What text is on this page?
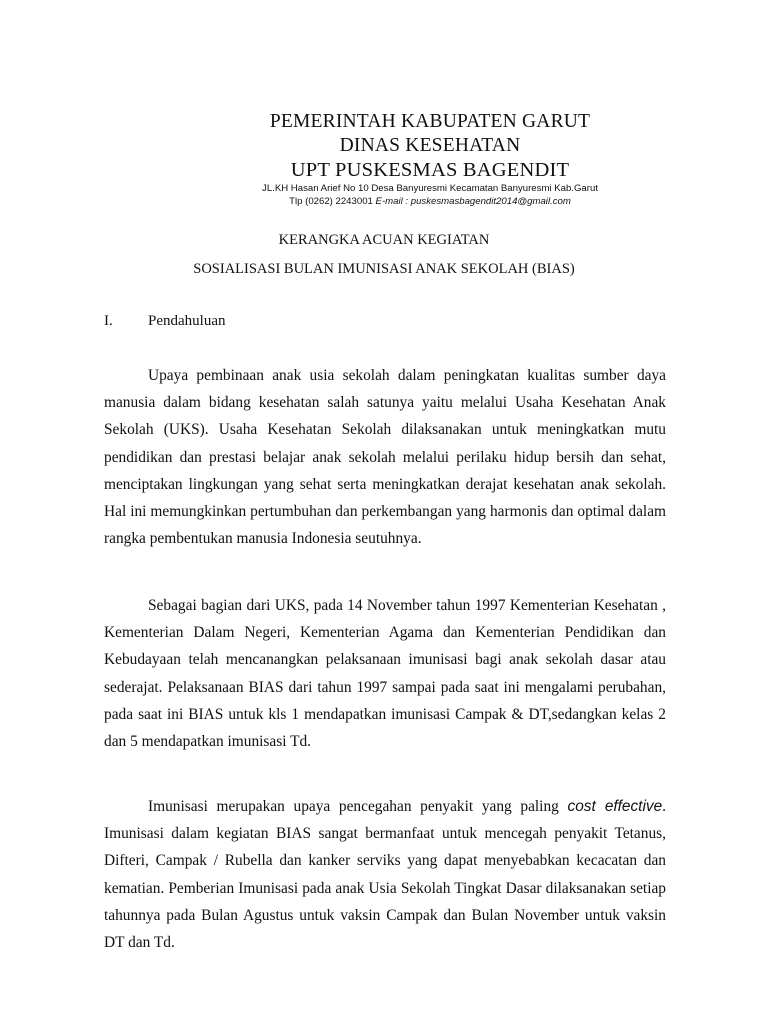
PEMERINTAH KABUPATEN GARUT
DINAS KESEHATAN
UPT PUSKESMAS BAGENDIT
JL.KH Hasan Arief No 10 Desa Banyuresmi Kecamatan Banyuresmi Kab.Garut
Tlp (0262) 2243001 E-mail : puskesmasbagendit2014@gmail.com
KERANGKA ACUAN KEGIATAN
SOSIALISASI BULAN IMUNISASI ANAK SEKOLAH (BIAS)
I. Pendahuluan

Upaya pembinaan anak usia sekolah dalam peningkatan kualitas sumber daya manusia dalam bidang kesehatan salah satunya yaitu melalui Usaha Kesehatan Anak Sekolah (UKS). Usaha Kesehatan Sekolah dilaksanakan untuk meningkatkan mutu pendidikan dan prestasi belajar anak sekolah melalui perilaku hidup bersih dan sehat, menciptakan lingkungan yang sehat serta meningkatkan derajat kesehatan anak sekolah. Hal ini memungkinkan pertumbuhan dan perkembangan yang harmonis dan optimal dalam rangka pembentukan manusia Indonesia seutuhnya.

Sebagai bagian dari UKS, pada 14 November tahun 1997 Kementerian Kesehatan , Kementerian Dalam Negeri, Kementerian Agama dan Kementerian Pendidikan dan Kebudayaan telah mencanangkan pelaksanaan imunisasi bagi anak sekolah dasar atau sederajat. Pelaksanaan BIAS dari tahun 1997 sampai pada saat ini mengalami perubahan, pada saat ini BIAS untuk kls 1 mendapatkan imunisasi Campak & DT,sedangkan kelas 2 dan 5 mendapatkan imunisasi Td.

Imunisasi merupakan upaya pencegahan penyakit yang paling cost effective. Imunisasi dalam kegiatan BIAS sangat bermanfaat untuk mencegah penyakit Tetanus, Difteri, Campak / Rubella dan kanker serviks yang dapat menyebabkan kecacatan dan kematian. Pemberian Imunisasi pada anak Usia Sekolah Tingkat Dasar dilaksanakan setiap tahunnya pada Bulan Agustus untuk vaksin Campak dan Bulan November untuk vaksin DT dan Td.
